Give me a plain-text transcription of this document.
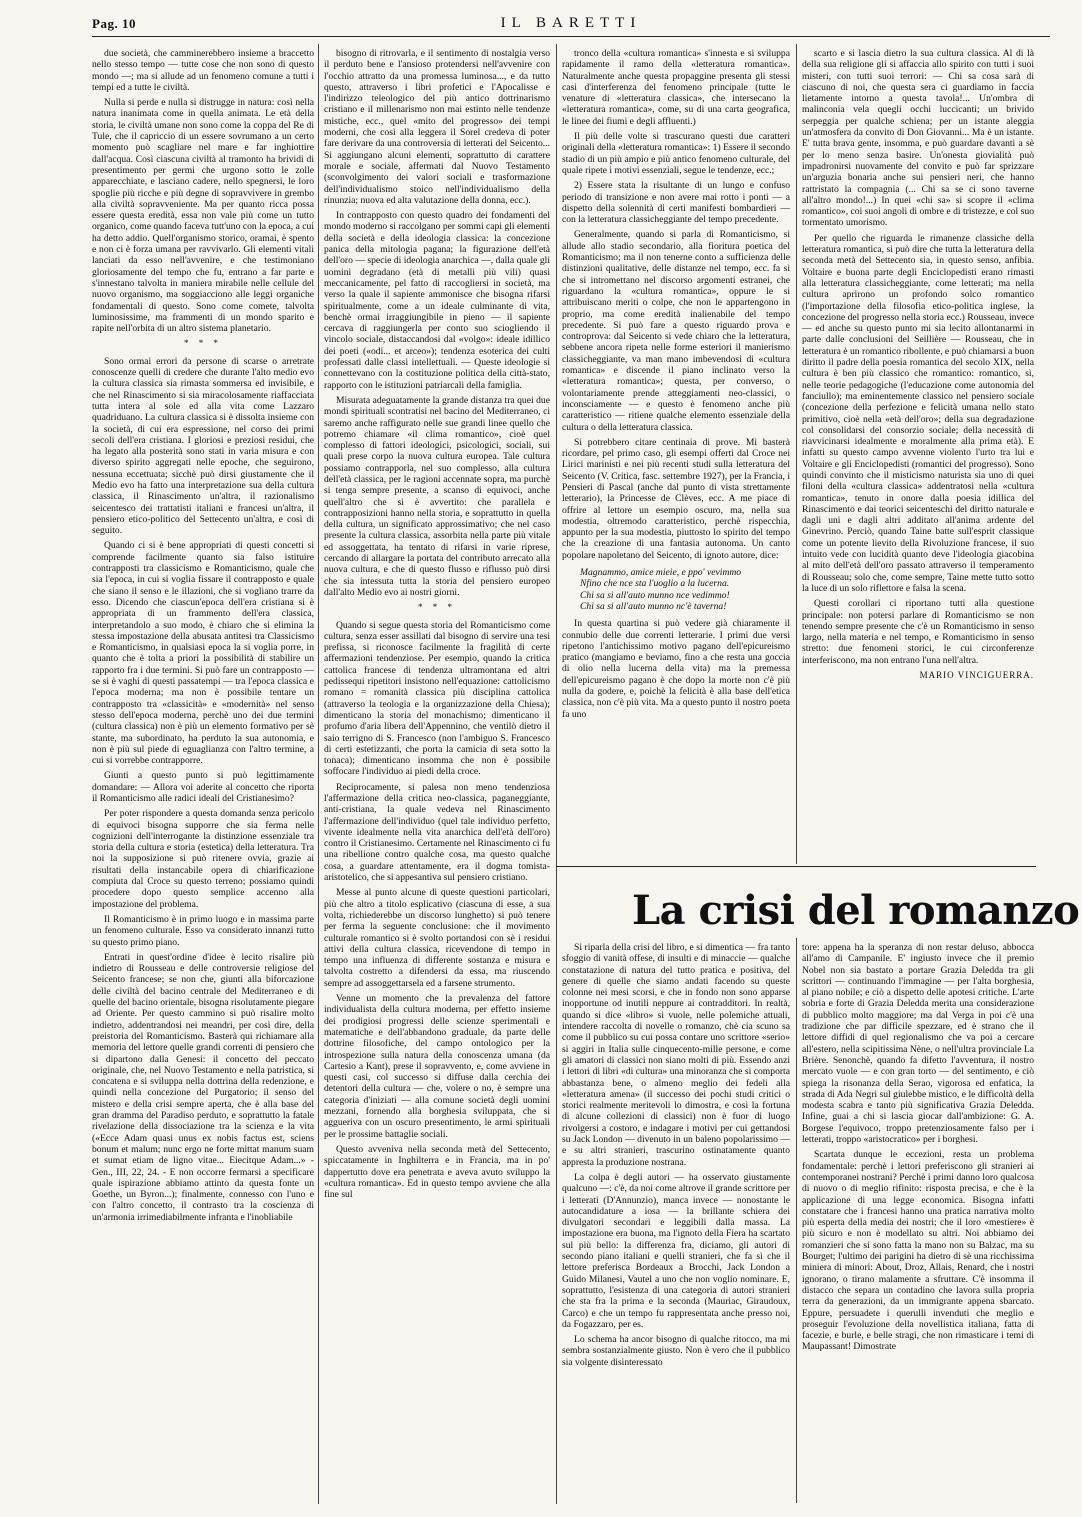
Pag. 10	IL BARETTI

due società, che camminerebbero insieme a braccetto nello stesso tempo — tutte cose che non sono di questo mondo —; ma si allude ad un fenomeno comune a tutti i tempi ed a tutte le civiltà.

Nulla si perde e nulla si distrugge in natura: così nella natura inanimata come in quella animata. Le età della storia, le civiltà umane non sono come la coppa del Re di Tule, che il capriccio di un essere sovrumano a un certo momento può scagliare nel mare e far inghiottire dall'acqua. Così ciascuna civiltà al tramonto ha brividi di presentimento per germi che urgono sotto le zolle apparecchiate, e lasciano cadere, nello spegnersi, le loro spoglie più ricche e più degne di sopravvivere in grembo alla civiltà sopravveniente. Ma per quanto ricca possa essere questa eredità, essa non vale più come un tutto organico, come quando faceva tutt'uno con la epoca, a cui ha detto addio. Quell'organismo storico, oramai, è spento e non ci è forza umana per ravvivarlo. Gli elementi vitali lanciati da esso nell'avvenire, e che testimoniano gloriosamente del tempo che fu, entrano a far parte e s'innestano talvolta in maniera mirabile nelle cellule del nuovo organismo, ma soggiacciono alle leggi organiche fondamentali di questo. Sono come comete, talvolta luminosissime, ma frammenti di un mondo sparito e rapite nell'orbita di un altro sistema planetario.

* * *

Sono ormai errori da persone di scarse o arretrate conoscenze quelli di credere che durante l'alto medio evo la cultura classica sia rimasta sommersa ed invisibile, e che nel Rinascimento si sia miracolosamente riaffacciata tutta intera al sole ed alla vita come Lazzaro quadriduano. La cultura classica si è dissolta insieme con la società, di cui era espressione, nel corso dei primi secoli dell'era cristiana. I gloriosi e preziosi residui, che ha legato alla posterità sono stati in varia misura e con diverso spirito aggregati nelle epoche, che seguirono, nessuna eccettuata; sicchè può dirsi giustamente che il Medio evo ha fatto una interpretazione sua della cultura classica, il Rinascimento un'altra, il razionalismo seicentesco dei trattatisti italiani e francesi un'altra, il pensiero etico-politico del Settecento un'altra, e così di seguito.

Quando ci si è bene appropriati di questi concetti si comprende facilmente quanto sia falso istituire contrapposti tra classicismo e Romanticismo, quale che sia l'epoca, in cui si voglia fissare il contrapposto e quale che siano il senso e le illazioni, che si vogliano trarre da esso. Dicendo che ciascun'epoca dell'era cristiana si è appropriata di un frammento dell'era classica, interpretandolo a suo modo, è chiaro che si elimina la stessa impostazione della abusata antitesi tra Classicismo e Romanticismo, in qualsiasi epoca la si voglia porre, in quanto che è tolta a priori la possibilità di stabilire un rapporto fra i due termini. Si può fare un contrapposto — se si è vaghi di questi passatempi — tra l'epoca classica e l'epoca moderna; ma non è possibile tentare un contrapposto tra «classicità» e «modernità» nel senso stesso dell'epoca moderna, perchè uno dei due termini (cultura classica) non è più un elemento formativo per sè stante, ma subordinato, ha perduto la sua autonomia, e non è più sul piede di eguaglianza con l'altro termine, a cui si vorrebbe contrapporre.

Giunti a questo punto si può legittimamente domandare: — Allora voi aderite al concetto che riporta il Romanticismo alle radici ideali del Cristianesimo?

Per poter rispondere a questa domanda senza pericolo di equivoci bisogna supporre che sia ferma nelle cognizioni dell'interrogante la distinzione essenziale tra storia della cultura e storia (estetica) della letteratura. Tra noi la supposizione si può ritenere ovvia, grazie ai risultati della instancabile opera di chiarificazione compiuta dal Croce su questo terreno; possiamo quindi procedere dopo questo semplice accenno alla impostazione del problema.

Il Romanticismo è in primo luogo e in massima parte un fenomeno culturale. Esso va considerato innanzi tutto su questo primo piano.

Entrati in quest'ordine d'idee è lecito risalire più indietro di Rousseau e delle controversie religiose del Seicento francese; se non che, giunti alla biforcazione delle civiltà del bacino centrale del Mediterraneo e di quelle del bacino orientale, bisogna risolutamente piegare ad Oriente. Per questo cammino si può risalire molto indietro, addentrandosi nei meandri, per così dire, della preistoria del Romanticismo. Basterà qui richiamare alla memoria del lettore quelle grandi correnti di pensiero che si dipartono dalla Genesi: il concetto del peccato originale, che, nel Nuovo Testamento e nella patristica, si concatena e si sviluppa nella dottrina della redenzione, e quindi nella concezione del Purgatorio; il senso del mistero e della crisi sempre aperta, che è alla base del gran dramma del Paradiso perduto, e soprattutto la fatale rivelazione della dissociazione tra la scienza e la vita («Ecce Adam quasi unus ex nobis factus est, sciens bonum et malum; nunc ergo ne forte mittat manum suam et sumat etiam de ligno vitae... Eiecitque Adam...» - Gen., III, 22, 24. - E non occorre fermarsi a specificare quale ispirazione abbiamo attinto da questa fonte un Goethe, un Byron...); finalmente, connesso con l'uno e con l'altro concetto, il contrasto tra la coscienza di un'armonia irrimediabilmente infranta e l'inobliabile

bisogno di ritrovarla, e il sentimento di nostalgia verso il perduto bene e l'ansioso protendersi nell'avvenire con l'occhio attratto da una promessa luminosa..., e da tutto questo, attraverso i libri profetici e l'Apocalisse e l'indirizzo teleologico del più antico dottrinarismo cristiano e il millenarismo non mai estinto nelle tendenze mistiche, ecc., quel «mito del progresso» dei tempi moderni, che così alla leggera il Sorel credeva di poter fare derivare da una controversia di letterati del Seicento... Si aggiungano alcuni elementi, soprattutto di carattere morale e sociale, affermati dal Nuovo Testamento (sconvolgimento dei valori sociali e trasformazione dell'individualismo stoico nell'individualismo della rinunzia; nuova ed alta valutazione della donna, ecc.).

In contrapposto con questo quadro dei fondamenti del mondo moderno si raccolgano per sommi capi gli elementi della società e della ideologia classica: la concezione panica della mitologia pagana; la figurazione dell'età dell'oro — specie di ideologia anarchica —, dalla quale gli uomini degradano (età di metalli più vili) quasi meccanicamente, pel fatto di raccogliersi in società, ma verso la quale il sapiente ammonisce che bisogna rifarsi spiritualmente, come a un ideale culminante di vita, benchè ormai irraggiungibile in pieno — il sapiente cercava di raggiungerla per conto suo sciogliendo il vincolo sociale, distaccandosi dal «volgo»: ideale idillico dei poeti («odi... et arceo»); tendenza esoterica dei culti professati dalle classi intellettuali. — Queste ideologie si connettevano con la costituzione politica della città-stato, rapporto con le istituzioni patriarcali della famiglia.

Misurata adeguatamente la grande distanza tra quei due mondi spirituali scontratisi nel bacino del Mediterraneo, ci saremo anche raffigurato nelle sue grandi linee quello che potremo chiamare «il clima romantico», cioè quel complesso di fattori ideologici, psicologici, sociali, sui quali prese corpo la nuova cultura europea. Tale cultura possiamo contrapporla, nel suo complesso, alla cultura dell'età classica, per le ragioni accennate sopra, ma purchè si tenga sempre presente, a scanso di equivoci, anche quell'altro che si è avvertito: che parallela e contrapposizioni hanno nella storia, e soprattutto in quella della cultura, un significato approssimativo; che nel caso presente la cultura classica, assorbita nella parte più vitale ed assoggettata, ha tentato di rifarsi in varie riprese, cercando di allargare la portata del contributo arrecato alla nuova cultura, e che di questo flusso e riflusso può dirsi che sia intessuta tutta la storia del pensiero europeo dall'alto Medio evo ai nostri giorni.

* * *

Quando si segue questa storia del Romanticismo come cultura, senza esser assillati dal bisogno di servire una tesi prefissa, si riconosce facilmente la fragilità di certe affermazioni tendenziose. Per esempio, quando la critica cattolica francese di tendenza ultramontana ed altri pedissequi ripetitori insistono nell'equazione: cattolicismo romano = romanità classica più disciplina cattolica (attraverso la teologia e la organizzazione della Chiesa); dimenticano la storia del monachismo; dimenticano il profumo d'aria libera dell'Appennino, che ventilò dietro il saio terrigno di S. Francesco (non l'ambiguo S. Francesco di certi estetizzanti, che porta la camicia di seta sotto la tonaca); dimenticano insomma che non è possibile soffocare l'individuo ai piedi della croce.

Reciprocamente, si palesa non meno tendenziosa l'affermazione della critica neo-classica, paganeggiante, anti-cristiana, la quale vedeva nel Rinascimento l'affermazione dell'individuo (quel tale individuo perfetto, vivente idealmente nella vita anarchica dell'età dell'oro) contro il Cristianesimo. Certamente nel Rinascimento ci fu una ribellione contro qualche cosa, ma questo qualche cosa, a guardare attentamente, era il dogma tomista-aristotelico, che si appesantiva sul pensiero cristiano.

Messe al punto alcune di queste questioni particolari, più che altro a titolo esplicativo (ciascuna di esse, a sua volta, richiederebbe un discorso lunghetto) si può tenere per ferma la seguente conclusione: che il movimento culturale romantico si è svolto portandosi con sè i residui attivi della cultura classica, ricevendone di tempo in tempo una influenza di differente sostanza e misura e talvolta costretto a difendersi da essa, ma riuscendo sempre ad assoggettarsela ed a farsene strumento.

Venne un momento che la prevalenza del fattore individualista della cultura moderna, per effetto insieme dei prodigiosi progressi delle scienze sperimentali e matematiche e dell'abbandono graduale, da parte delle dottrine filosofiche, del campo ontologico per la introspezione sulla natura della conoscenza umana (da Cartesio a Kant), prese il sopravvento, e, come avviene in questi casi, col successo si diffuse dalla cerchia dei detentori della cultura — che, volere o no, è sempre una categoria d'iniziati — alla comune società degli uomini mezzani, fornendo alla borghesia sviluppata, che si aggueriva con un oscuro presentimento, le armi spirituali per le prossime battaglie sociali.

Questo avveniva nella seconda metà del Settecento, spiccatamente in Inghilterra e in Francia, ma in po' dappertutto dove era penetrata e aveva avuto sviluppo la «cultura romantica». Ed in questo tempo avviene che alla fine sul

tronco della «cultura romantica» s'innesta e si sviluppa rapidamente il ramo della «letteratura romantica». Naturalmente anche questa propaggine presenta gli stessi casi d'interferenza del fenomeno principale (tutte le venature di «letteratura classica», che intersecano la «letteratura romantica», come, su di una carta geografica, le linee dei fiumi e degli affluenti.)

Il più delle volte si trascurano questi due caratteri originali della «letteratura romantica»: 1) Essere il secondo stadio di un più ampio e più antico fenomeno culturale, del quale ripete i motivi essenziali, segue le tendenze, ecc.;

2) Essere stata la risultante di un lungo e confuso periodo di transizione e non avere mai rotto i ponti — a dispetto della solennità di certi manifesti bombardieri — con la letteratura classicheggiante del tempo precedente.

Generalmente, quando si parla di Romanticismo, si allude allo stadio secondario, alla fioritura poetica del Romanticismo; ma il non tenerne conto a sufficienza delle distinzioni qualitative, delle distanze nel tempo, ecc. fa sì che si intromettano nel discorso argomenti estranei, che riguardano la «cultura romantica», oppure le si attribuiscano meriti o colpe, che non le appartengono in proprio, ma come eredità inalienabile del tempo precedente. Si può fare a questo riguardo prova e controprova: dal Seicento si vede chiaro che la letteratura, sebbene ancora ripeta nelle forme esteriori il manierismo classicheggiante, va man mano imbevendosi di «cultura romantica» e discende il piano inclinato verso la «letteratura romantica»; questa, per converso, o volontariamente prende atteggiamenti neo-classici, o inconsciamente — e questo è fenomeno anche più caratteristico — ritiene qualche elemento essenziale della cultura o della letteratura classica.

Si potrebbero citare centinaia di prove. Mi basterà ricordare, pel primo caso, gli esempi offerti dal Croce nei Lirici marinisti e nei più recenti studi sulla letteratura del Seicento (V. Critica, fasc. settembre 1927), per la Francia, i Pensieri di Pascal (anche dal punto di vista strettamente letterario), la Princesse de Clèves, ecc. A me piace di offrire al lettore un esempio oscuro, ma, nella sua modestia, oltremodo caratteristico, perchè rispecchia, appunto per la sua modestia, piuttosto lo spirito del tempo che la creazione di una fantasia autonoma. Un canto popolare napoletano del Seicento, di ignoto autore, dice:

Magnammo, amice mieie, e ppo' vevimmo
Nfino che nce sta l'uoglio a la lucerna.
Chi sa si all'auto munno nce vedimmo!
Chi sa si all'auto munno nc'è taverna!

In questa quartina si può vedere già chiaramente il connubio delle due correnti letterarie. I primi due versi ripetono l'antichissimo motivo pagano dell'epicureismo pratico (mangiamo e beviamo, fino a che resta una goccia di olio nella lucerna della vita) ma la premessa dell'epicureismo pagano è che dopo la morte non c'è più nulla da godere, e, poichè la felicità è alla base dell'etica classica, non c'è più vita. Ma a questo punto il nostro poeta fa uno

scarto e si lascia dietro la sua cultura classica. Al di là della sua religione gli si affaccia allo spirito con tutti i suoi misteri, con tutti suoi terrori: — Chi sa cosa sarà di ciascuno di noi, che questa sera ci guardiamo in faccia lietamente intorno a questa tavola!... Un'ombra di malinconia vela quegli occhi luccicanti; un brivido serpeggia per qualche schiena; per un istante aleggia un'atmosfera da convito di Don Giovanni... Ma è un istante. E' tutta brava gente, insomma, e può guardare davanti a sè per lo meno senza basire. Un'onesta giovialità può impadronirsi nuovamente del convito e può far sprizzare un'arguzia bonaria anche sui pensieri neri, che hanno rattristato la compagnia (... Chi sa se ci sono taverne all'altro mondo!...) In quei «chi sa» si scopre il «clima romantico», coi suoi angoli di ombre e di tristezze, e col suo tormentato umorismo.

Per quello che riguarda le rimanenze classiche della letteratura romantica, si può dire che tutta la letteratura della seconda metà del Settecento sia, in questo senso, anfibia. Voltaire e buona parte degli Enciclopedisti erano rimasti alla letteratura classicheggiante, come letterati; ma nella cultura aprirono un profondo solco romantico (l'importazione della filosofia etico-politica inglese, la concezione del progresso nella storia ecc.) Rousseau, invece — ed anche su questo punto mi sia lecito allontanarmi in parte dalle conclusioni del Seillière — Rousseau, che in letteratura è un romantico ribollente, e può chiamarsi a buon diritto il padre della poesia romantica del secolo XIX, nella cultura è ben più classico che romantico: romantico, sì, nelle teorie pedagogiche (l'educazione come autonomia del fanciullo); ma eminentemente classico nel pensiero sociale (concezione della perfezione e felicità umana nello stato primitivo, cioè nella «età dell'oro»; della sua degradazione col consolidarsi del consorzio sociale; della necessità di riavvicinarsi idealmente e moralmente alla prima età). E infatti su questo campo avvenne violento l'urto tra lui e Voltaire e gli Enciclopedisti (romantici del progresso). Sono quindi convinto che il misticismo naturista sia uno di quei filoni della «cultura classica» addentratosi nella «cultura romantica», tenuto in onore dalla poesia idillica del Rinascimento e dai teorici seicenteschi del diritto naturale e dagli uni e dagli altri additato all'anima ardente del Ginevrino. Perciò, quando Taine batte sull'esprit classique come un potente lievito della Rivoluzione francese, il suo intuito vede con lucidità quanto deve l'ideologia giacobina al mito dell'età dell'oro passato attraverso il temperamento di Rousseau; solo che, come sempre, Taine mette tutto sotto la luce di un solo riflettore e falsa la scena.

Questi corollari ci riportano tutti alla questione principale: non potersi parlare di Romanticismo se non tenendo sempre presente che c'è un Romanticismo in senso largo, nella materia e nel tempo, e Romanticismo in senso stretto: due fenomeni storici, le cui circonferenze interferiscono, ma non entrano l'una nell'altra.

MARIO VINCIGUERRA.
La crisi del romanzo

Si riparla della crisi del libro, e si dimentica — fra tanto sfoggio di vanità offese, di insulti e di minaccie — qualche constatazione di natura del tutto pratica e positiva, del genere di quelle che siamo andati facendo su queste colonne nei mesi scorsi, e che in fondo non sono apparse inopportune od inutili neppure ai contradditori. In realtà, quando si dice «libro» si vuole, nelle polemiche attuali, intendere raccolta di novelle o romanzo, chè cia scuno sa come il pubblico su cui possa contare uno scrittore «serio» si aggiri in Italia sulle cinquecento-mille persone, e come gli amatori di classici non siano molti di più. Essendo anzi i lettori di libri «di cultura» una minoranza che si comporta abbastanza bene, o almeno meglio dei fedeli alla «letteratura amena» (il successo dei pochi studi critici o storici realmente meritevoli lo dimostra, e così la fortuna di alcune collezioni di classici) non è fuor di luogo rivolgersi a costoro, e indagare i motivi per cui gettandosi su Jack London — divenuto in un baleno popolarissimo — e su altri stranieri, trascurino ostinatamente quanto appresta la produzione nostrana.

La colpa è degli autori — ha osservato giustamente qualcuno —: c'è, da noi come altrove il grande scrittore per i letterati (D'Annunzio), manca invece — nonostante le autocandidature a iosa — la brillante schiera dei divulgatori secondari e leggibili dalla massa. La impostazione era buona, ma l'ignoto della Fiera ha scartato sul più bello: la differenza fra, diciamo, gli autori di secondo piano italiani e quelli stranieri, che fa sì che il lettore preferisca Bordeaux a Brocchi, Jack London a Guido Milanesi, Vautel a uno che non voglio nominare. E, soprattutto, l'esistenza di una categoria di autori stranieri che sta fra la prima e la seconda (Mauriac, Giraudoux, Carco) e che un tempo fu rappresentata anche presso noi, da Fogazzaro, per es.

Lo schema ha ancor bisogno di qualche ritocco, ma mi sembra sostanzialmente giusto. Non è vero che il pubblico sia volgente disinteressato

tore: appena ha la speranza di non restar deluso, abbocca all'amo di Campanile. E' ingiusto invece che il premio Nobel non sia bastato a portare Grazia Deledda tra gli scrittori — continuando l'immagine — per l'alta borghesia, al piano nobile; e ciò a dispetto delle apotesi critiche. L'arte sobria e forte di Grazia Deledda merita una considerazione di pubblico molto maggiore; ma dal Verga in poi c'è una tradizione che par difficile spezzare, ed è strano che il lettore diffidi di quel regionalismo che va poi a cercare all'estero, nella scipitissima Nène, o nell'ultra provinciale La Brière. Senonchè, quando fa difetto l'avventura, il nostro mercato vuole — e con gran torto — del sentimento, e ciò spiega la risonanza della Serao, vigorosa ed enfatica, la strada di Ada Negri sul giulebbe mistico, e le difficoltà della modesta scabra e tanto più significativa Grazia Deledda. Infine, guai a chi si lascia giocar dall'ambizione: G. A. Borgese l'equivoco, troppo pretenziosamente falso per i letterati, troppo «aristocratico» per i borghesi.

Scartata dunque le eccezioni, resta un problema fondamentale: perchè i lettori preferiscono gli stranieri ai contemporanei nostrani? Perchè i primi danno loro qualcosa di nuovo o di meglio rifinito: risposta precisa, e che è la applicazione di una legge economica. Bisogna infatti constatare che i francesi hanno una pratica narrativa molto più esperta della media dei nostri; che il loro «mestiere» è più sicuro e non è modellato su altri. Noi abbiamo dei romanzieri che si sono fatta la mano non su Balzac, ma su Bourget; l'ultimo dei parigini ha dietro di sè una ricchissima miniera di minori: About, Droz, Allais, Renard, che i nostri ignorano, o tirano malamente a sfruttare. C'è insomma il distacco che separa un contadino che lavora sulla propria terra da generazioni, da un immigrante appena sbarcato. Eppure, persuadete i querulli invenduti che meglio e proseguir l'evoluzione della novellistica italiana, fatta di facezie, e burle, e belle stragi, che non rimasticare i temi di Maupassant! Dimostrate
